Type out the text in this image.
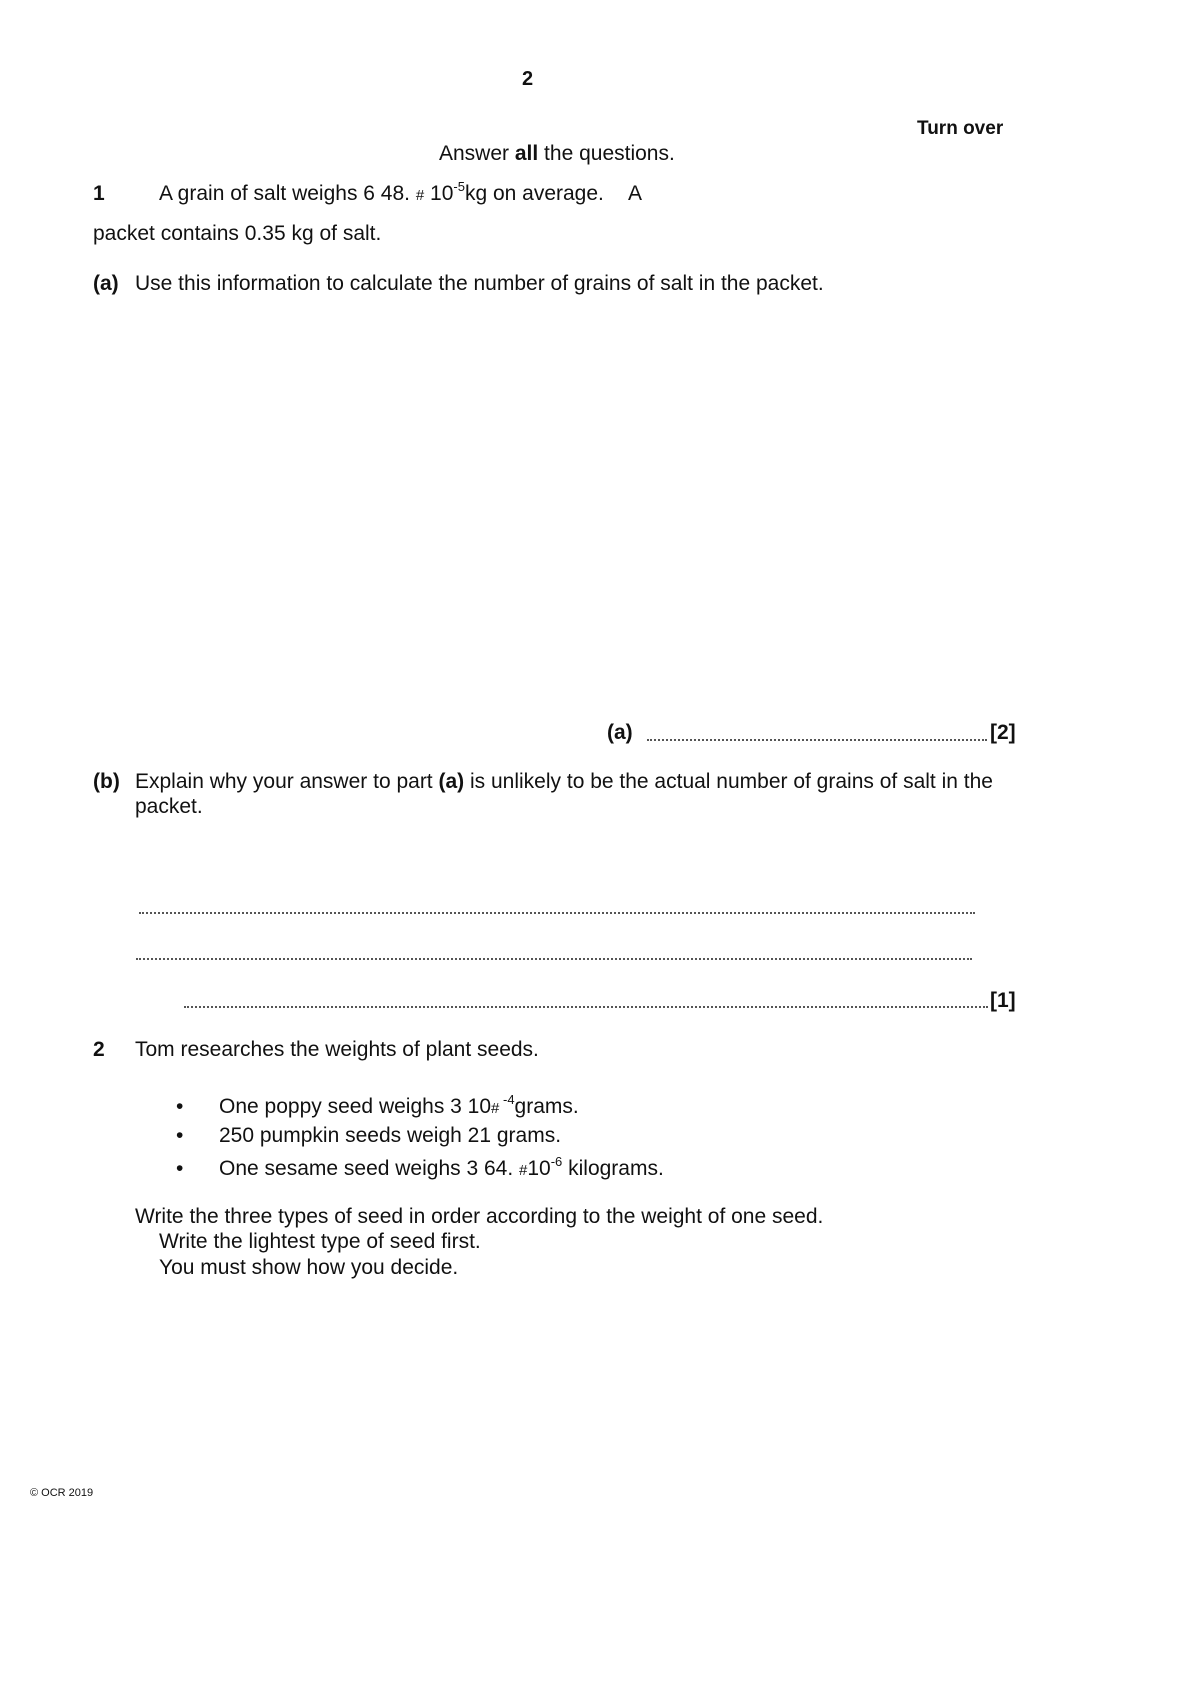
2
Turn over
Answer all the questions.
1	A grain of salt weighs 6 48. # $10^{-5}kg$ on average. A
packet contains 0.35 kg of salt.
(a) Use this information to calculate the number of grains of salt in the packet.
(a)	[2]
(b) Explain why your answer to part (a) is unlikely to be the actual number of grains of salt in the
packet.
[1]
2 Tom researches the weights of plant seeds.
• One poppy seed weighs 3 10# $^{-4}$grams.
• 250 pumpkin seeds weigh 21 grams.
• One sesame seed weighs 3 64. $\#10^{-6}$ kilograms.
Write the three types of seed in order according to the weight of one seed.
Write the lightest type of seed first.
You must show how you decide.
© OCR 2019
